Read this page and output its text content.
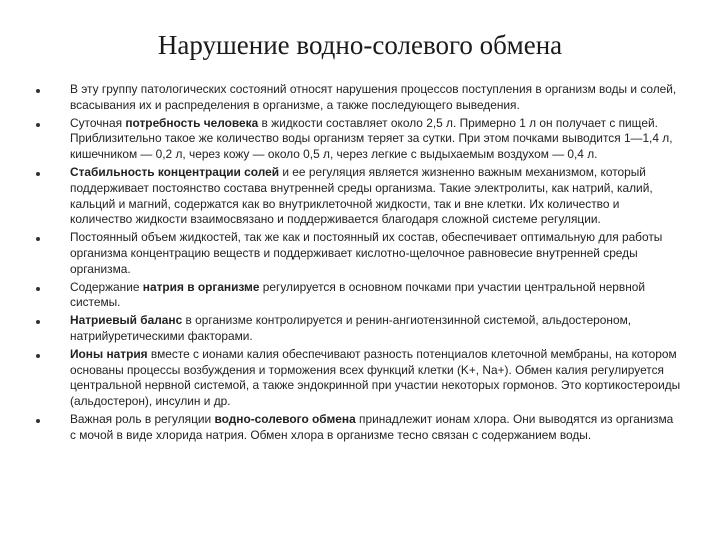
Нарушение водно-солевого обмена
В эту группу патологических состояний относят нарушения процессов поступления в организм воды и солей, всасывания их и распределения в организме, а также последующего выведения.
Суточная потребность человека в жидкости составляет около 2,5 л. Примерно 1 л он получает с пищей. Приблизительно такое же количество воды организм теряет за сутки. При этом почками выводится 1—1,4 л, кишечником — 0,2 л, через кожу — около 0,5 л, через легкие с выдыхаемым воздухом — 0,4 л.
Стабильность концентрации солей и ее регуляция является жизненно важным механизмом, который поддерживает постоянство состава внутренней среды организма. Такие электролиты, как натрий, калий, кальций и магний, содержатся как во внутриклеточной жидкости, так и вне клетки. Их количество и количество жидкости взаимосвязано и поддерживается благодаря сложной системе регуляции.
Постоянный объем жидкостей, так же как и постоянный их состав, обеспечивает оптимальную для работы организма концентрацию веществ и поддерживает кислотно-щелочное равновесие внутренней среды организма.
Содержание натрия в организме регулируется в основном почками при участии центральной нервной системы.
Натриевый баланс в организме контролируется и ренин-ангиотензинной системой, альдостероном, натрийуретическими факторами.
Ионы натрия вместе с ионами калия обеспечивают разность потенциалов клеточной мембраны, на котором основаны процессы возбуждения и торможения всех функций клетки (K+, Na+). Обмен калия регулируется центральной нервной системой, а также эндокринной при участии некоторых гормонов. Это кортикостероиды (альдостерон), инсулин и др.
Важная роль в регуляции водно-солевого обмена принадлежит ионам хлора. Они выводятся из организма с мочой в виде хлорида натрия. Обмен хлора в организме тесно связан с содержанием воды.
